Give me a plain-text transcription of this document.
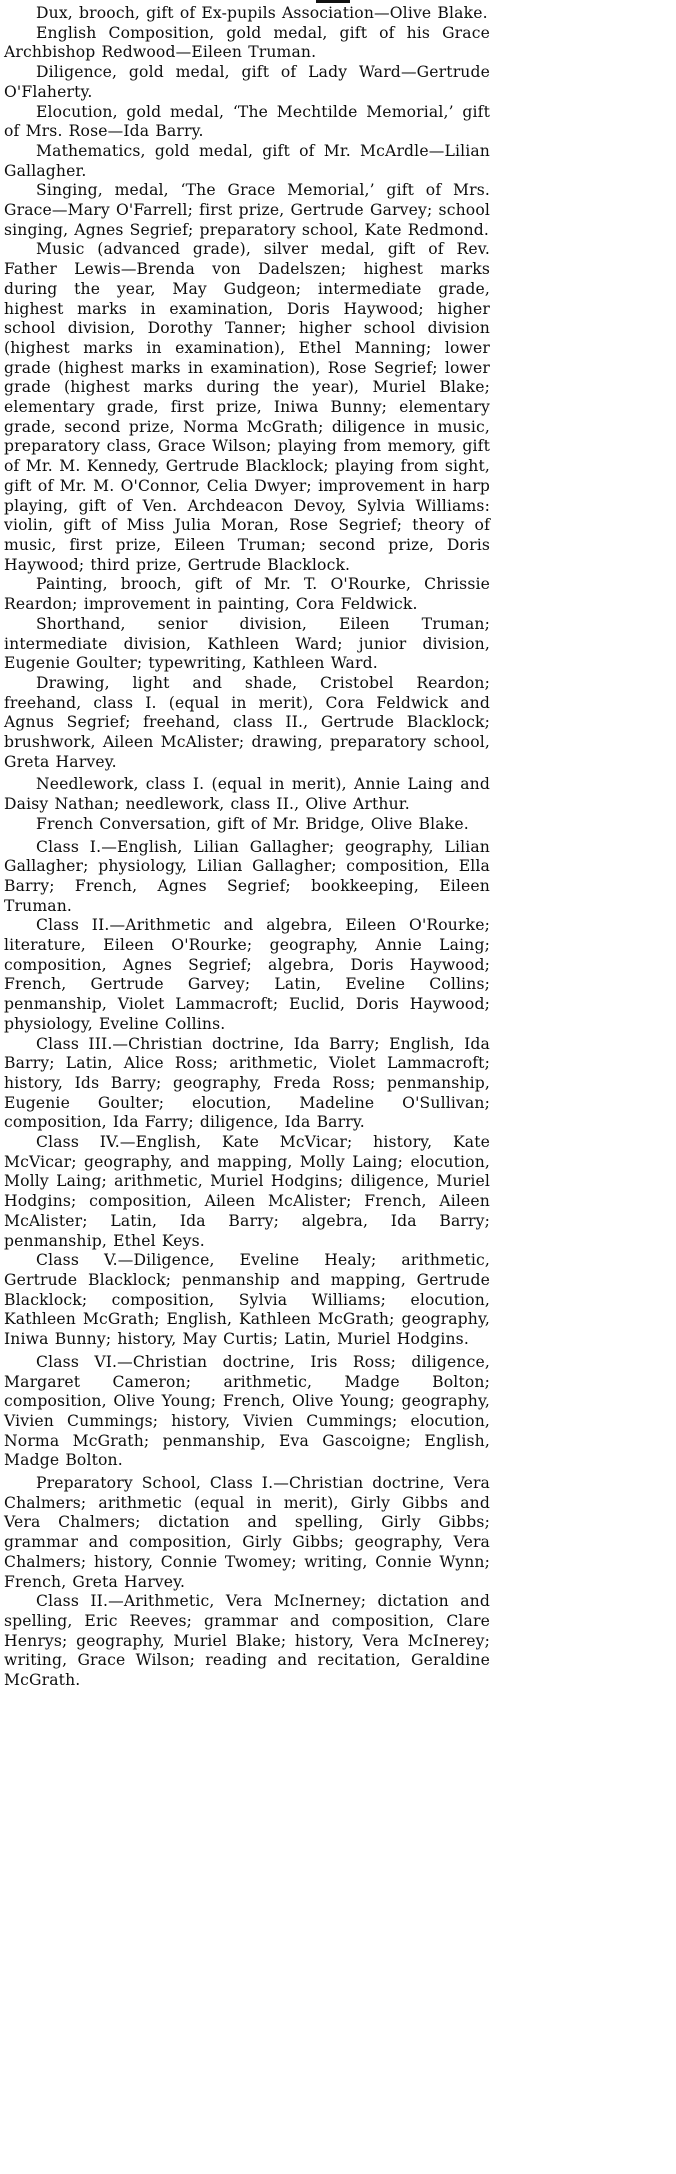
Dux, brooch, gift of Ex-pupils Association—Olive Blake.

English Composition, gold medal, gift of his Grace Archbishop Redwood—Eileen Truman.

Diligence, gold medal, gift of Lady Ward—Gertrude O'Flaherty.

Elocution, gold medal, ‘The Mechtilde Memorial,’ gift of Mrs. Rose—Ida Barry.

Mathematics, gold medal, gift of Mr. McArdle—Lilian Gallagher.

Singing, medal, ‘The Grace Memorial,’ gift of Mrs. Grace—Mary O'Farrell; first prize, Gertrude Garvey; school singing, Agnes Segrief; preparatory school, Kate Redmond.

Music (advanced grade), silver medal, gift of Rev. Father Lewis—Brenda von Dadelszen; highest marks during the year, May Gudgeon; intermediate grade, highest marks in examination, Doris Haywood; higher school division, Dorothy Tanner; higher school division (highest marks in examination), Ethel Manning; lower grade (highest marks in examination), Rose Segrief; lower grade (highest marks during the year), Muriel Blake; elementary grade, first prize, Iniwa Bunny; elementary grade, second prize, Norma McGrath; diligence in music, preparatory class, Grace Wilson; playing from memory, gift of Mr. M. Kennedy, Gertrude Blacklock; playing from sight, gift of Mr. M. O'Connor, Celia Dwyer; improvement in harp playing, gift of Ven. Archdeacon Devoy, Sylvia Williams: violin, gift of Miss Julia Moran, Rose Segrief; theory of music, first prize, Eileen Truman; second prize, Doris Haywood; third prize, Gertrude Blacklock.

Painting, brooch, gift of Mr. T. O'Rourke, Chrissie Reardon; improvement in painting, Cora Feldwick.

Shorthand, senior division, Eileen Truman; intermediate division, Kathleen Ward; junior division, Eugenie Goulter; typewriting, Kathleen Ward.

Drawing, light and shade, Cristobel Reardon; freehand, class I. (equal in merit), Cora Feldwick and Agnus Segrief; freehand, class II., Gertrude Blacklock; brushwork, Aileen McAlister; drawing, preparatory school, Greta Harvey.

Needlework, class I. (equal in merit), Annie Laing and Daisy Nathan; needlework, class II., Olive Arthur.

French Conversation, gift of Mr. Bridge, Olive Blake.

Class I.—English, Lilian Gallagher; geography, Lilian Gallagher; physiology, Lilian Gallagher; composition, Ella Barry; French, Agnes Segrief; bookkeeping, Eileen Truman.

Class II.—Arithmetic and algebra, Eileen O'Rourke; literature, Eileen O'Rourke; geography, Annie Laing; composition, Agnes Segrief; algebra, Doris Haywood; French, Gertrude Garvey; Latin, Eveline Collins; penmanship, Violet Lammacroft; Euclid, Doris Haywood; physiology, Eveline Collins.

Class III.—Christian doctrine, Ida Barry; English, Ida Barry; Latin, Alice Ross; arithmetic, Violet Lammacroft; history, Ids Barry; geography, Freda Ross; penmanship, Eugenie Goulter; elocution, Madeline O'Sullivan; composition, Ida Farry; diligence, Ida Barry.

Class IV.—English, Kate McVicar; history, Kate McVicar; geography, and mapping, Molly Laing; elocution, Molly Laing; arithmetic, Muriel Hodgins; diligence, Muriel Hodgins; composition, Aileen McAlister; French, Aileen McAlister; Latin, Ida Barry; algebra, Ida Barry; penmanship, Ethel Keys.

Class V.—Diligence, Eveline Healy; arithmetic, Gertrude Blacklock; penmanship and mapping, Gertrude Blacklock; composition, Sylvia Williams; elocution, Kathleen McGrath; English, Kathleen McGrath; geography, Iniwa Bunny; history, May Curtis; Latin, Muriel Hodgins.

Class VI.—Christian doctrine, Iris Ross; diligence, Margaret Cameron; arithmetic, Madge Bolton; composition, Olive Young; French, Olive Young; geography, Vivien Cummings; history, Vivien Cummings; elocution, Norma McGrath; penmanship, Eva Gascoigne; English, Madge Bolton.

Preparatory School, Class I.—Christian doctrine, Vera Chalmers; arithmetic (equal in merit), Girly Gibbs and Vera Chalmers; dictation and spelling, Girly Gibbs; grammar and composition, Girly Gibbs; geography, Vera Chalmers; history, Connie Twomey; writing, Connie Wynn; French, Greta Harvey.

Class II.—Arithmetic, Vera McInerney; dictation and spelling, Eric Reeves; grammar and composition, Clare Henrys; geography, Muriel Blake; history, Vera McInerey; writing, Grace Wilson; reading and recitation, Geraldine McGrath.
